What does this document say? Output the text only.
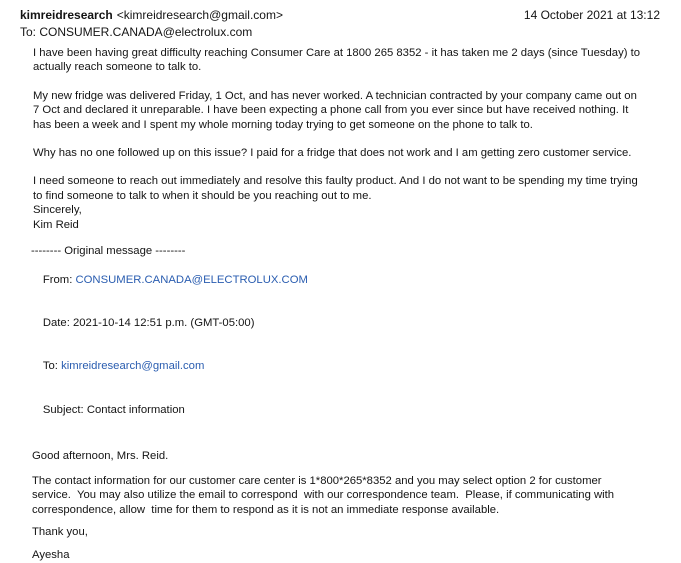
kimreidresearch <kimreidresearch@gmail.com>
To: CONSUMER.CANADA@electrolux.com
14 October 2021 at 13:12
I have been having great difficulty reaching Consumer Care at 1800 265 8352 - it has taken me 2 days (since Tuesday) to
actually reach someone to talk to.
My new fridge was delivered Friday, 1 Oct, and has never worked. A technician contracted by your company came out on
7 Oct and declared it unreparable. I have been expecting a phone call from you ever since but have received nothing. It
has been a week and I spent my whole morning today trying to get someone on the phone to talk to.
Why has no one followed up on this issue? I paid for a fridge that does not work and I am getting zero customer service.
I need someone to reach out immediately and resolve this faulty product. And I do not want to be spending my time trying
to find someone to talk to when it should be you reaching out to me.
Sincerely,
Kim Reid
-------- Original message --------

From: CONSUMER.CANADA@ELECTROLUX.COM

Date: 2021-10-14 12:51 p.m. (GMT-05:00)

To: kimreidresearch@gmail.com

Subject: Contact information

Good afternoon, Mrs. Reid.
The contact information for our customer care center is 1*800*265*8352 and you may select option 2 for customer
service.  You may also utilize the email to correspond  with our correspondence team.  Please, if communicating with
correspondence, allow  time for them to respond as it is not an immediate response available.
Thank you,
Ayesha
